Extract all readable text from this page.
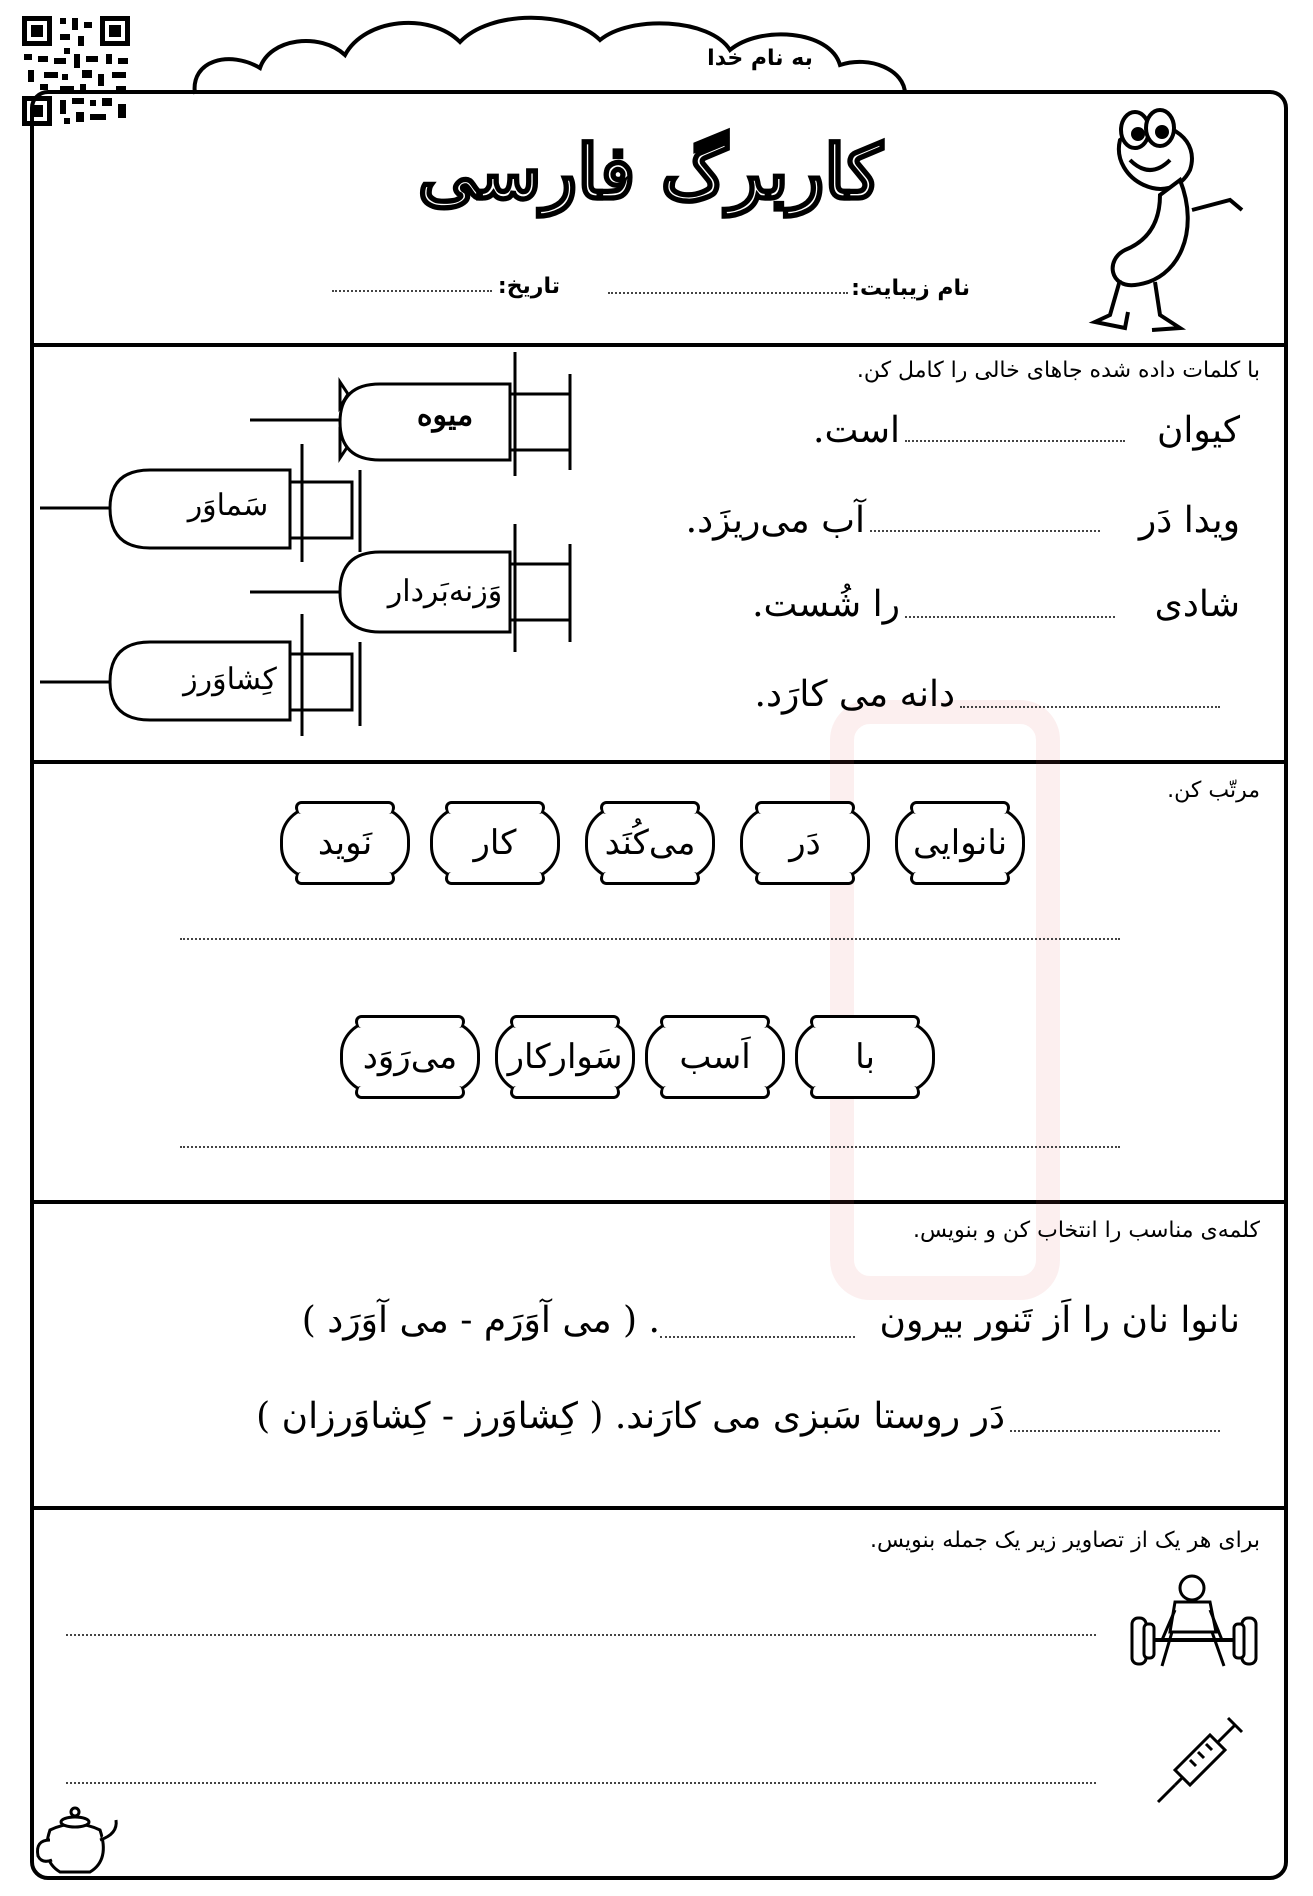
به نام خدا
کاربرگ فارسی
نام زیبایت:
تاریخ:
با کلمات داده شده جاهای خالی را کامل کن.
کیوان
است.
ویدا دَر
آب می‌ریزَد.
شادی
را شُست.
دانه می کارَد.
میوه
سَماوَر
وَزنه‌بَردار
کِشاوَرز
مرتّب کن.
نانوایی
دَر
می‌کُنَد
کار
نَوید
با
اَسب
سَوارکار
می‌رَوَد
کلمه‌ی مناسب را انتخاب کن و بنویس.
نانوا نان را اَز تَنور بیرون
. ( می آوَرَم - می آوَرَد )
دَر روستا سَبزی می کارَند. ( کِشاوَرز - کِشاوَرزان )
برای هر یک از تصاویر زیر یک جمله بنویس.
